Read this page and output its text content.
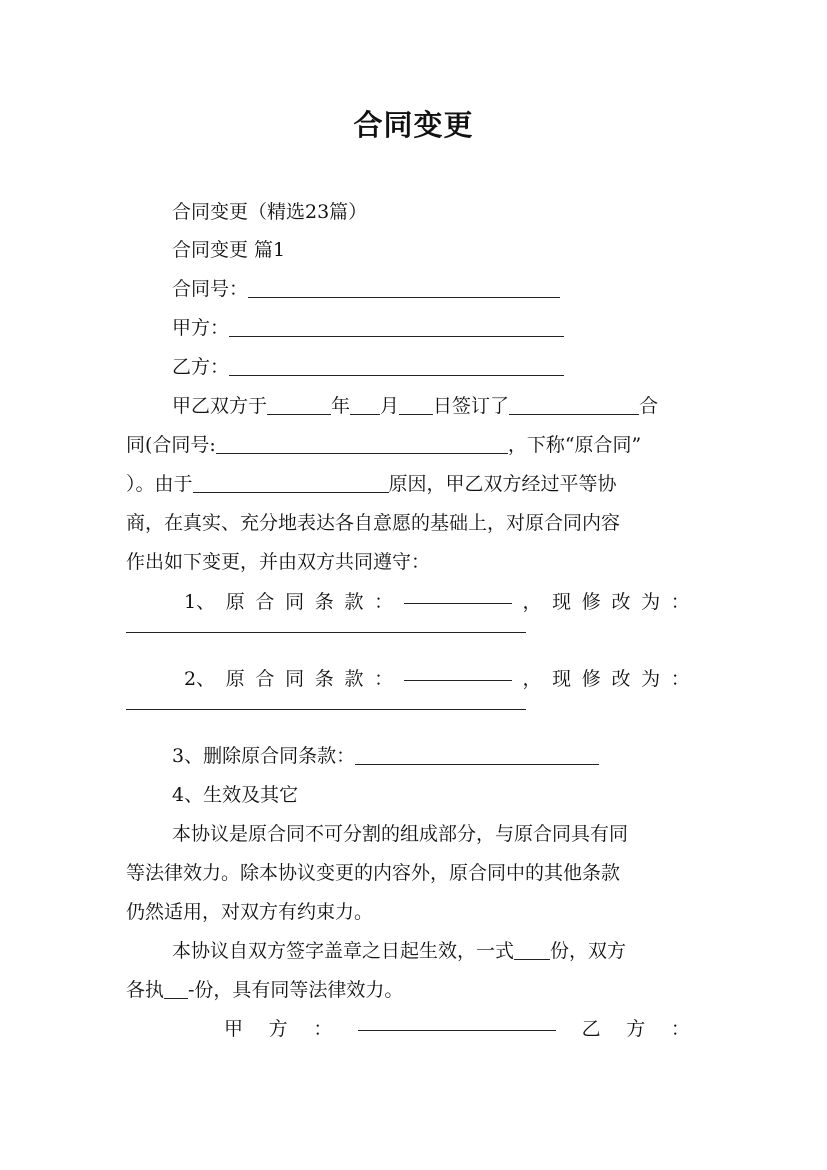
合同变更
合同变更（精选23篇）
合同变更 篇1
合同号：
甲方：
乙方：
甲乙双方于	年 月 日签订了	合
同(合同号:	，下称“原合同”
）。由于	原因，甲乙双方经过平等协
商，在真实、充分地表达各自意愿的基础上，对原合同内容
作出如下变更，并由双方共同遵守：
1、 原 合 同 条 款 ：	， 现 修 改 为 ：
2、 原 合 同 条 款 ：	， 现 修 改 为 ：
3、删除原合同条款：
4、生效及其它
本协议是原合同不可分割的组成部分，与原合同具有同
等法律效力。除本协议变更的内容外，原合同中的其他条款
仍然适用，对双方有约束力。
本协议自双方签字盖章之日起生效，一式 份，双方
各执 -份，具有同等法律效力。
甲 方 ：	乙 方 ：
